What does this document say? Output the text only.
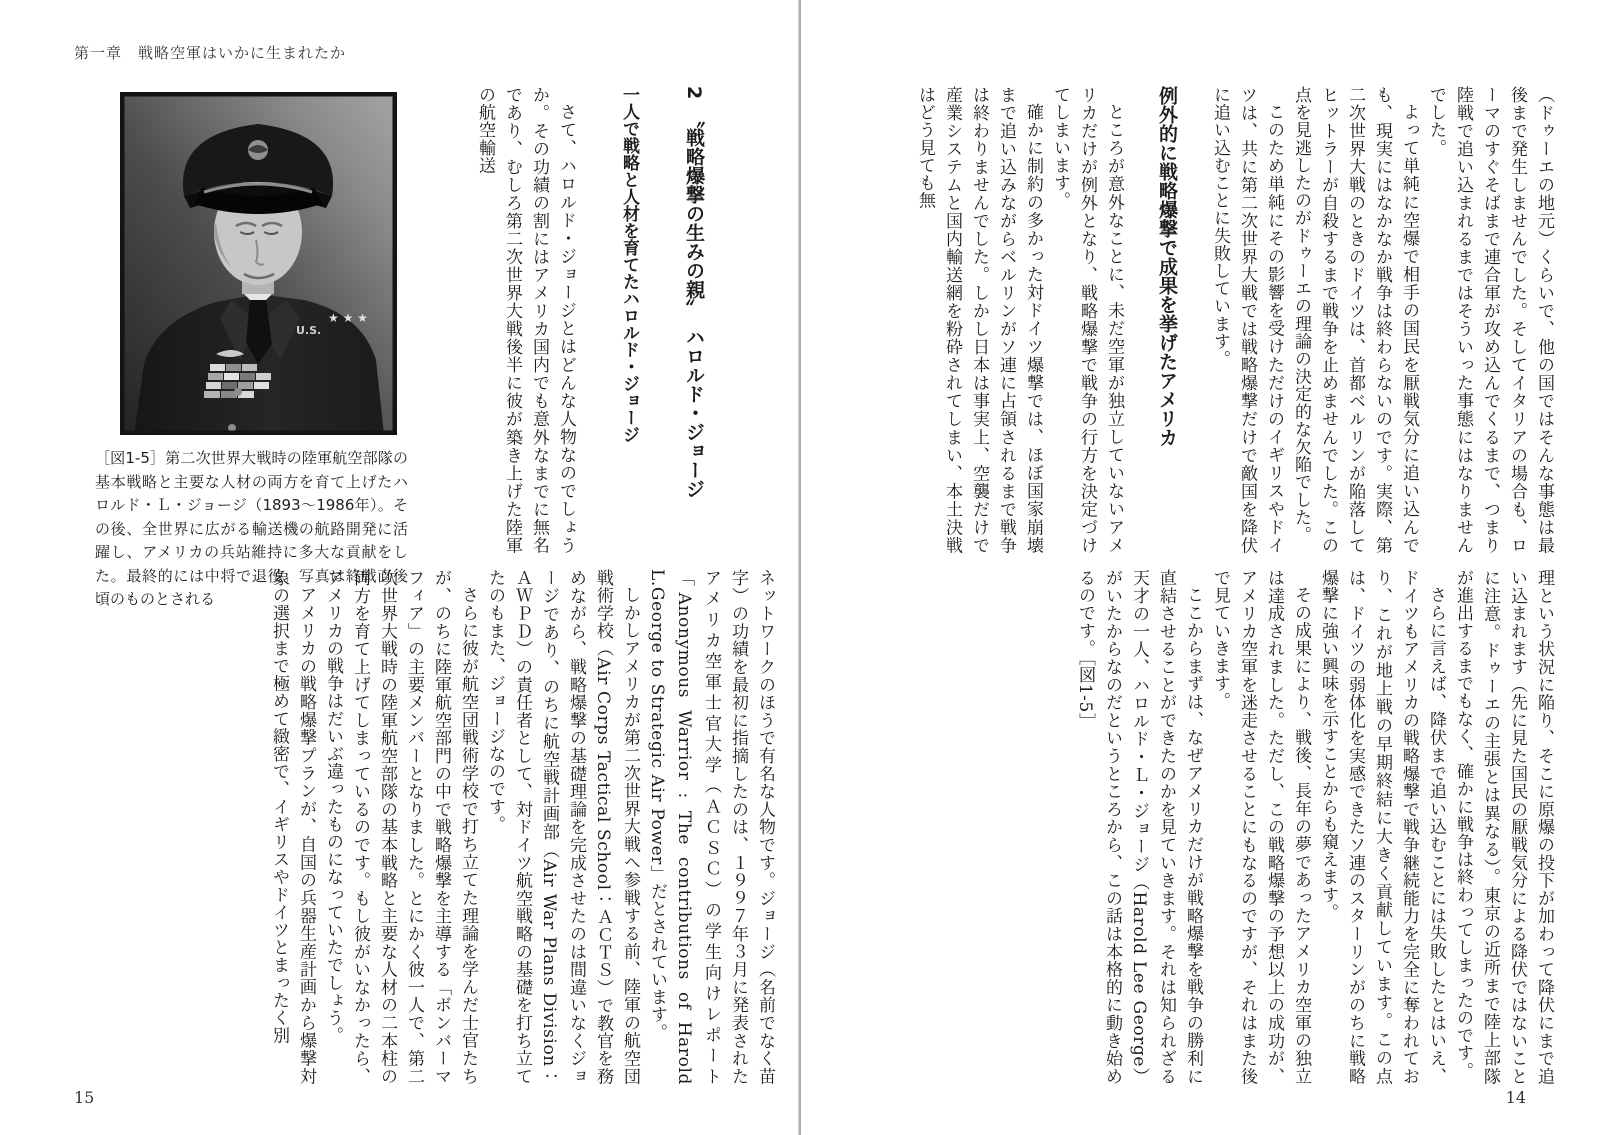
第一章　戦略空軍はいかに生まれたか

（ドゥーエの地元）くらいで、他の国ではそんな事態は最後まで発生しませんでした。そしてイタリアの場合も、ローマのすぐそばまで連合軍が攻め込んでくるまで、つまり陸戦で追い込まれるまではそういった事態にはなりませんでした。

よって単純に空爆で相手の国民を厭戦気分に追い込んでも、現実にはなかなか戦争は終わらないのです。実際、第二次世界大戦のときのドイツは、首都ベルリンが陥落してヒットラーが自殺するまで戦争を止めませんでした。この点を見逃したのがドゥーエの理論の決定的な欠陥でした。

このため単純にその影響を受けただけのイギリスやドイツは、共に第二次世界大戦では戦略爆撃だけで敵国を降伏に追い込むことに失敗しています。

例外的に戦略爆撃で成果を挙げたアメリカ

ところが意外なことに、未だ空軍が独立していないアメリカだけが例外となり、戦略爆撃で戦争の行方を決定づけてしまいます。

確かに制約の多かった対ドイツ爆撃では、ほぼ国家崩壊まで追い込みながらベルリンがソ連に占領されるまで戦争は終わりませんでした。しかし日本は事実上、空襲だけで産業システムと国内輸送網を粉砕されてしまい、本土決戦はどう見ても無

理という状況に陥り、そこに原爆の投下が加わって降伏にまで追い込まれます（先に見た国民の厭戦気分による降伏ではないことに注意。ドゥーエの主張とは異なる）。東京の近所まで陸上部隊が進出するまでもなく、確かに戦争は終わってしまったのです。

さらに言えば、降伏まで追い込むことには失敗したとはいえ、ドイツもアメリカの戦略爆撃で戦争継続能力を完全に奪われており、これが地上戦の早期終結に大きく貢献しています。この点は、ドイツの弱体化を実感できたソ連のスターリンがのちに戦略爆撃に強い興味を示すことからも窺えます。

その成果により、戦後、長年の夢であったアメリカ空軍の独立は達成されました。ただし、この戦略爆撃の予想以上の成功が、アメリカ空軍を迷走させることにもなるのですが、それはまた後で見ていきます。

ここからまずは、なぜアメリカだけが戦略爆撃を戦争の勝利に直結させることができたのかを見ていきます。それは知られざる天才の一人、ハロルド・Ｌ・ジョージ（Harold Lee George）がいたからなのだというところから、この話は本格的に動き始めるのです。［図1-5］

14

2　〝戦略爆撃の生みの親〟　ハロルド・ジョージ

一人で戦略と人材を育てたハロルド・ジョージ

さて、ハロルド・ジョージとはどんな人物なのでしょうか。その功績の割にはアメリカ国内でも意外なまでに無名であり、むしろ第二次世界大戦後半に彼が築き上げた陸軍の航空輸送

U.S.
★ ★ ★
［図1-5］第二次世界大戦時の陸軍航空部隊の基本戦略と主要な人材の両方を育て上げたハロルド・Ｌ・ジョージ（1893〜1986年）。その後、全世界に広がる輸送機の航路開発に活躍し、アメリカの兵站維持に多大な貢献をした。最終的には中将で退役。写真は終戦直後頃のものとされる	ネットワークのほうで有名な人物です。ジョージ（名前でなく苗字）の功績を最初に指摘したのは、１９９７年３月に発表されたアメリカ空軍士官大学（ＡＣＳＣ）の学生向けレポート「Anonymous Warrior : The contributions of Harold L.George to Strategic Air Power」だとされています。

しかしアメリカが第二次世界大戦へ参戦する前、陸軍の航空団戦術学校（Air Corps Tactical School：ＡＣＴＳ）で教官を務めながら、戦略爆撃の基礎理論を完成させたのは間違いなくジョージであり、のちに航空戦計画部（Air War Plans Division：ＡＷＰＤ）の責任者として、対ドイツ航空戦略の基礎を打ち立てたのもまた、ジョージなのです。

さらに彼が航空団戦術学校で打ち立てた理論を学んだ士官たちが、のちに陸軍航空部門の中で戦略爆撃を主導する「ボンバーマフィア」の主要メンバーとなりました。とにかく彼一人で、第二次世界大戦時の陸軍航空部隊の基本戦略と主要な人材の二本柱の両方を育て上げてしまっているのです。もし彼がいなかったら、アメリカの戦争はだいぶ違ったものになっていたでしょう。

アメリカの戦略爆撃プランが、自国の兵器生産計画から爆撃対象の選択まで極めて緻密で、イギリスやドイツとまったく別

15
